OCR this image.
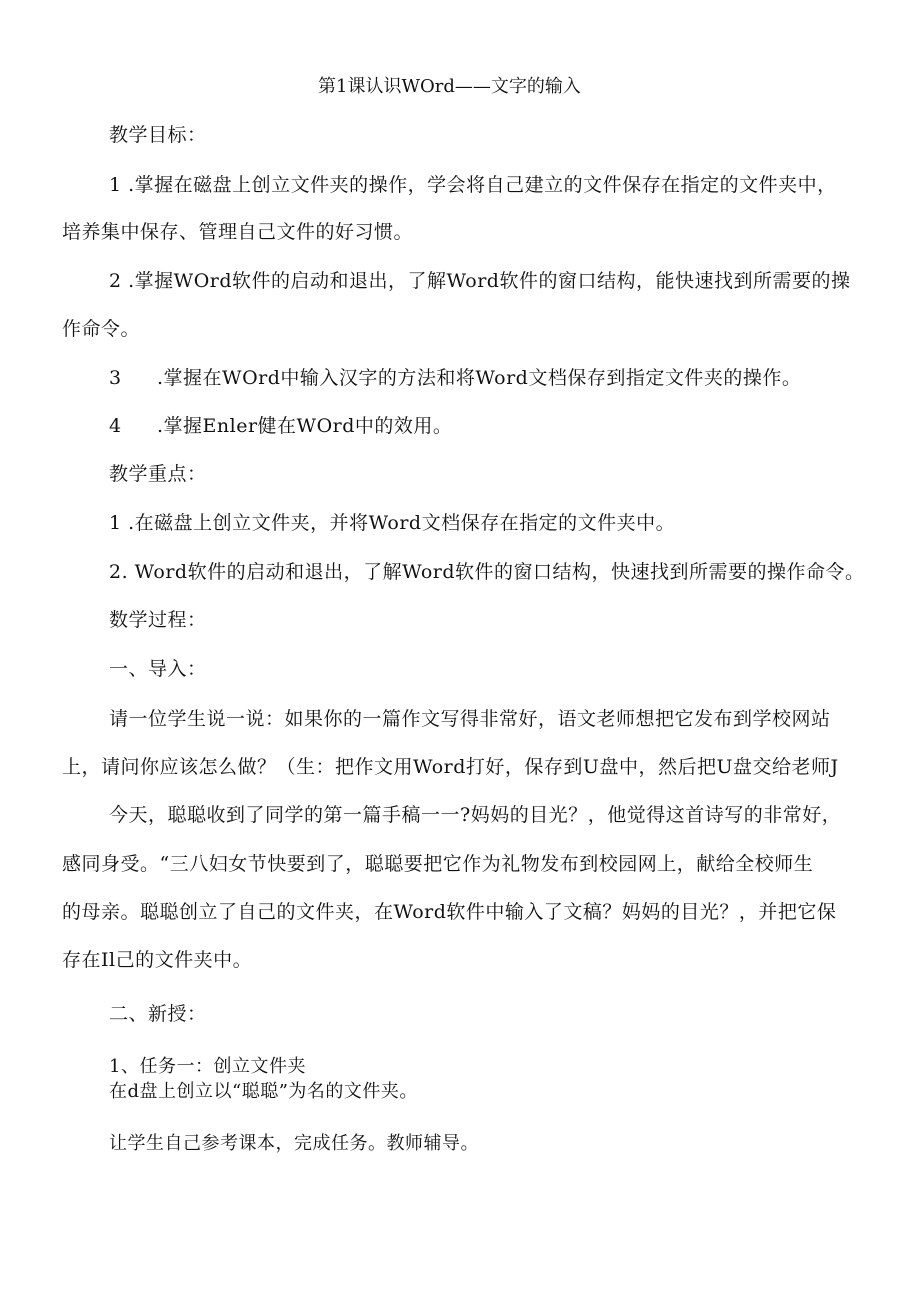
第1课认识WOrd——文字的输入
教学目标：
1 .掌握在磁盘上创立文件夹的操作，学会将自己建立的文件保存在指定的文件夹中，
培养集中保存、管理自己文件的好习惯。
2 .掌握WOrd软件的启动和退出，了解Word软件的窗口结构，能快速找到所需要的操
作命令。
3 .掌握在WOrd中输入汉字的方法和将Word文档保存到指定文件夹的操作。
4 .掌握Enler健在WOrd中的效用。
教学重点：
1 .在磁盘上创立文件夹，并将Word文档保存在指定的文件夹中。
2. Word软件的启动和退出，了解Word软件的窗口结构，快速找到所需要的操作命令。
数学过程：
一、导入：
请一位学生说一说：如果你的一篇作文写得非常好，语文老师想把它发布到学校网站
上，请问你应该怎么做？（生：把作文用Word打好，保存到U盘中，然后把U盘交给老师J
今天，聪聪收到了同学的第一篇手稿一一?妈妈的目光？，他觉得这首诗写的非常好，
感同身受。“三八妇女节快要到了，聪聪要把它作为礼物发布到校园网上，献给全校师生
的母亲。聪聪创立了自己的文件夹，在Word软件中输入了文稿？妈妈的目光？，并把它保
存在Il己的文件夹中。
二、新授：
1、任务一：创立文件夹
在d盘上创立以“聪聪”为名的文件夹。
让学生自己参考课本，完成任务。教师辅导。
